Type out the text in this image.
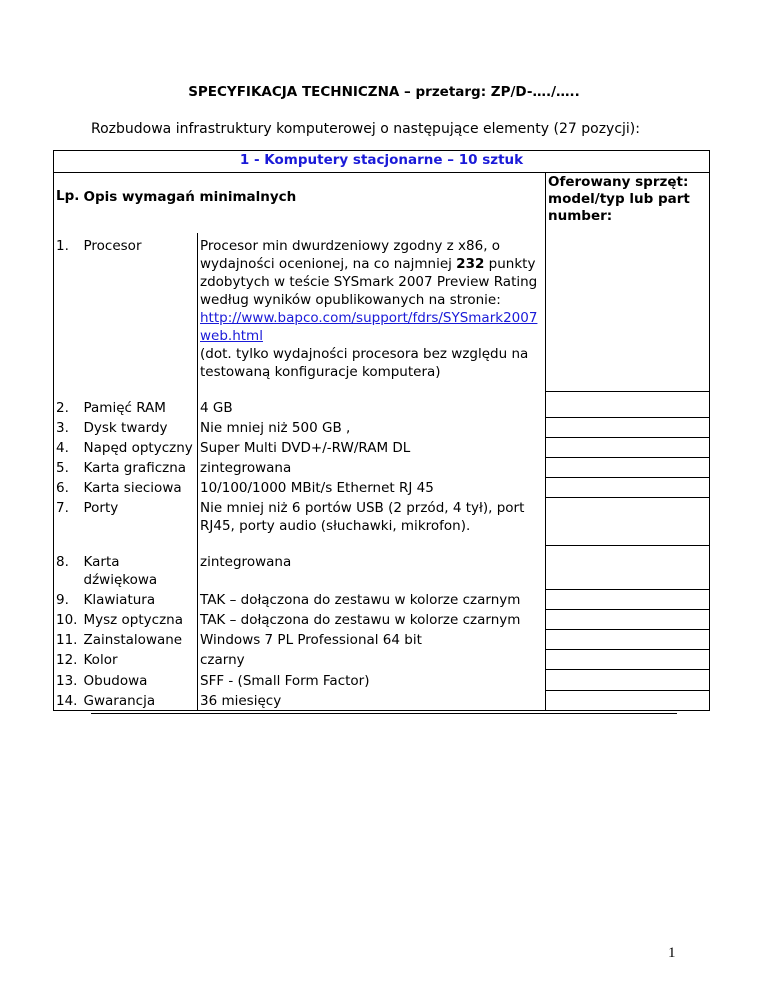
SPECYFIKACJA TECHNICZNA – przetarg: ZP/D-…./…..
Rozbudowa infrastruktury komputerowej o następujące elementy (27 pozycji):
1 - Komputery stacjonarne – 10 sztuk			
Lp.	Opis wymagań minimalnych		Oferowany sprzęt: model/typ lub part number:
1.	Procesor	Procesor min dwurdzeniowy zgodny z x86, o wydajności ocenionej, na co najmniej 232 punkty zdobytych w teście SYSmark 2007 Preview Rating według wyników opublikowanych na stronie:
http://www.bapco.com/support/fdrs/SYSmark2007web.html
(dot. tylko wydajności procesora bez względu na testowaną konfiguracje komputera)	
2.	Pamięć RAM	4 GB	
3.	Dysk twardy	Nie mniej niż 500 GB ,	
4.	Napęd optyczny	Super Multi DVD+/-RW/RAM DL	
5.	Karta graficzna	zintegrowana	
6.	Karta sieciowa	10/100/1000 MBit/s Ethernet RJ 45	
7.	Porty	Nie mniej niż 6 portów USB (2 przód, 4 tył), port RJ45, porty audio (słuchawki, mikrofon).	
8.	Karta dźwiękowa	zintegrowana	
9.	Klawiatura	TAK – dołączona do zestawu w kolorze czarnym	
10.	Mysz optyczna	TAK – dołączona do zestawu w kolorze czarnym	
11.	Zainstalowane	Windows 7 PL Professional 64 bit	
12.	Kolor	czarny	
13.	Obudowa	SFF - (Small Form Factor)	
14.	Gwarancja	36 miesięcy	
1
